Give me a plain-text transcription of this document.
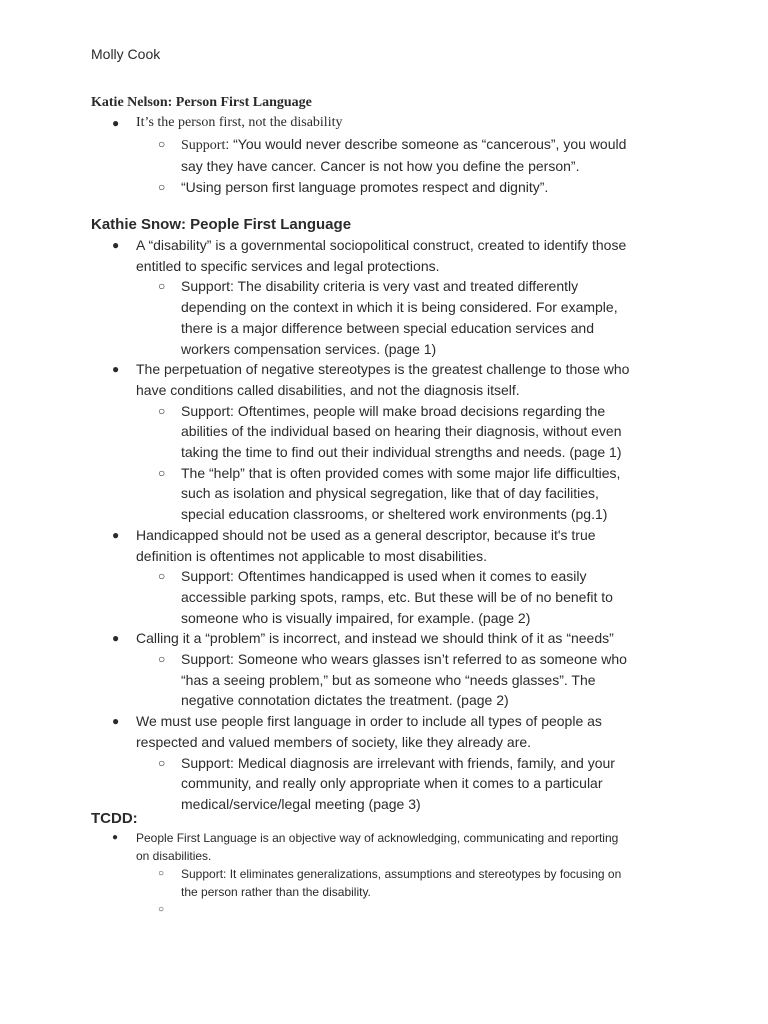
Molly Cook
Katie Nelson: Person First Language
● It’s the person first, not the disability
○ Support: “You would never describe someone as “cancerous”, you would
say they have cancer. Cancer is not how you define the person”.
○ “Using person first language promotes respect and dignity”.
Kathie Snow: People First Language
● A “disability” is a governmental sociopolitical construct, created to identify those
entitled to specific services and legal protections.
○ Support: The disability criteria is very vast and treated differently
depending on the context in which it is being considered. For example,
there is a major difference between special education services and
workers compensation services. (page 1)
● The perpetuation of negative stereotypes is the greatest challenge to those who
have conditions called disabilities, and not the diagnosis itself.
○ Support: Oftentimes, people will make broad decisions regarding the
abilities of the individual based on hearing their diagnosis, without even
taking the time to find out their individual strengths and needs. (page 1)
○ The “help” that is often provided comes with some major life difficulties,
such as isolation and physical segregation, like that of day facilities,
special education classrooms, or sheltered work environments (pg.1)
● Handicapped should not be used as a general descriptor, because it's true
definition is oftentimes not applicable to most disabilities.
○ Support: Oftentimes handicapped is used when it comes to easily
accessible parking spots, ramps, etc. But these will be of no benefit to
someone who is visually impaired, for example. (page 2)
● Calling it a “problem” is incorrect, and instead we should think of it as “needs”
○ Support: Someone who wears glasses isn’t referred to as someone who
“has a seeing problem,” but as someone who “needs glasses”. The
negative connotation dictates the treatment. (page 2)
● We must use people first language in order to include all types of people as
respected and valued members of society, like they already are.
○ Support: Medical diagnosis are irrelevant with friends, family, and your
community, and really only appropriate when it comes to a particular
medical/service/legal meeting (page 3)
TCDD:
● People First Language is an objective way of acknowledging, communicating and reporting
on disabilities.
○ Support: It eliminates generalizations, assumptions and stereotypes by focusing on
the person rather than the disability.
○
